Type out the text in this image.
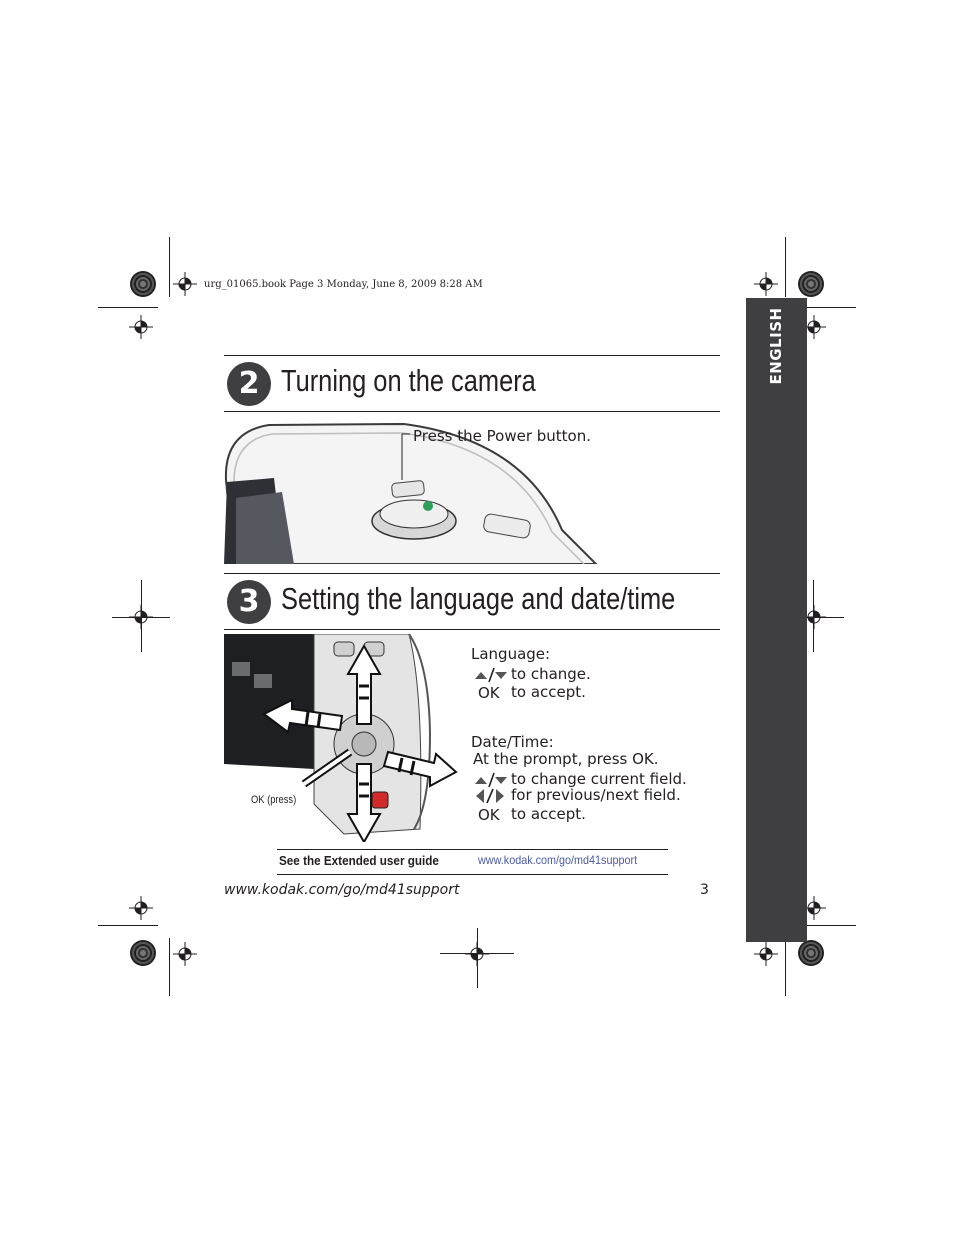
urg_01065.book Page 3 Monday, June 8, 2009 8:28 AM
ENGLISH
2 Turning on the camera
Press the Power button.
3 Setting the language and date/time
OK (press)
Language:
to change.
OK to accept.
Date/Time:
At the prompt, press OK.
to change current field.
for previous/next field.
OK to accept.
See the Extended user guide	www.kodak.com/go/md41support
www.kodak.com/go/md41support	3
